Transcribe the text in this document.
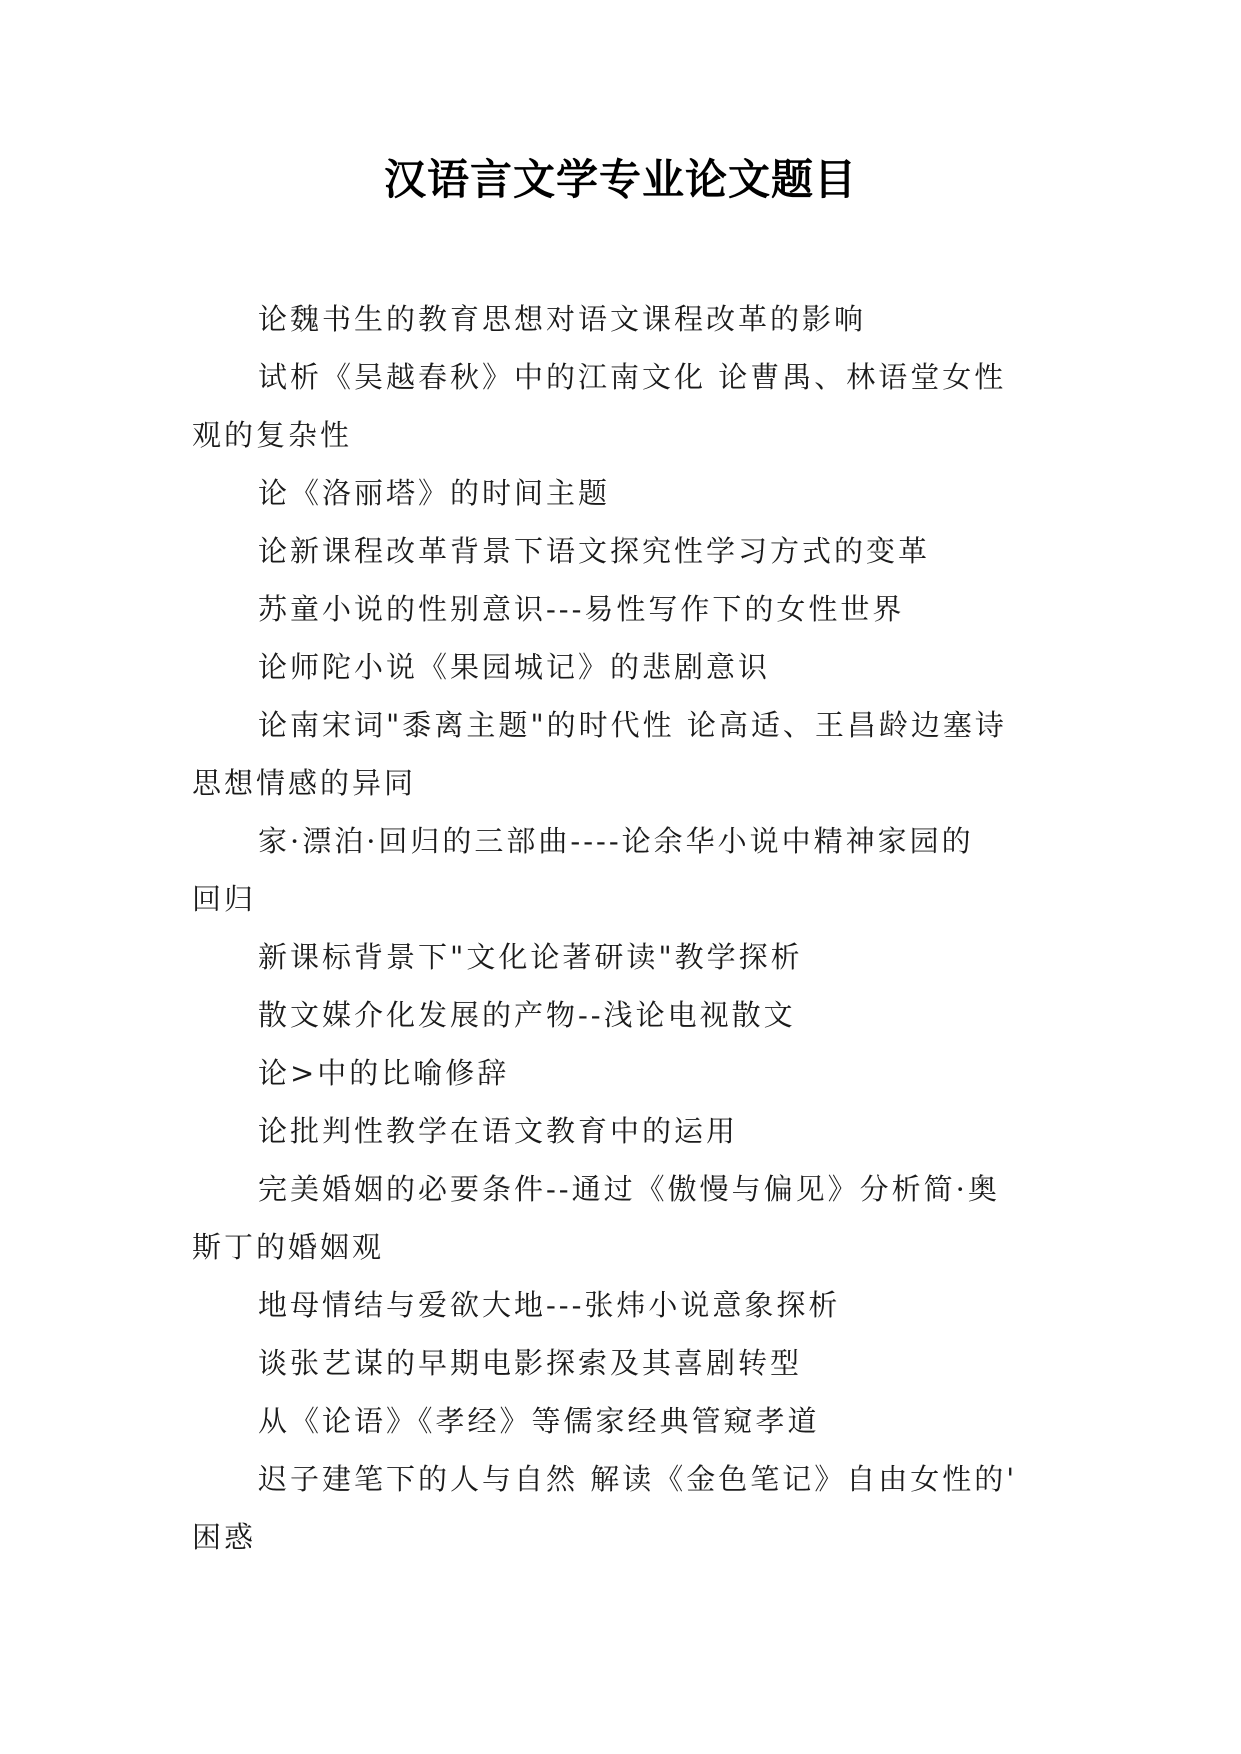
汉语言文学专业论文题目

论魏书生的教育思想对语文课程改革的影响

试析《吴越春秋》中的江南文化 论曹禺、林语堂女性
观的复杂性

论《洛丽塔》的时间主题

论新课程改革背景下语文探究性学习方式的变革

苏童小说的性别意识---易性写作下的女性世界

论师陀小说《果园城记》的悲剧意识

论南宋词"黍离主题"的时代性 论高适、王昌龄边塞诗
思想情感的异同

家·漂泊·回归的三部曲----论余华小说中精神家园的
回归

新课标背景下"文化论著研读"教学探析

散文媒介化发展的产物--浅论电视散文

论>中的比喻修辞

论批判性教学在语文教育中的运用

完美婚姻的必要条件--通过《傲慢与偏见》分析简·奥
斯丁的婚姻观

地母情结与爱欲大地---张炜小说意象探析

谈张艺谋的早期电影探索及其喜剧转型

从《论语》《孝经》等儒家经典管窥孝道

迟子建笔下的人与自然 解读《金色笔记》自由女性的'
困惑
